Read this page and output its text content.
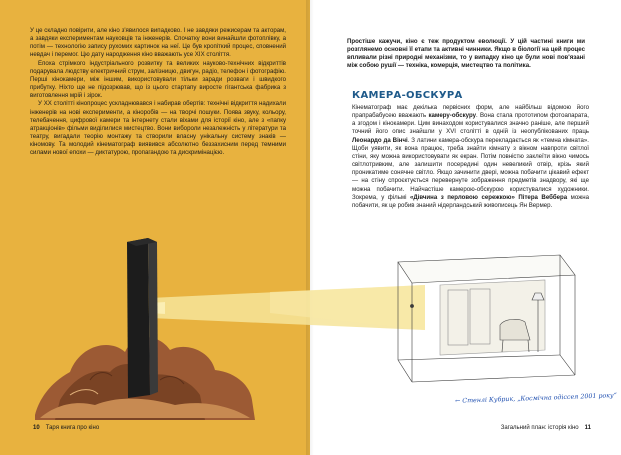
У це складно повірити, але кіно з'явилося випадково. І не завдяки режисерам та акторам, а завдяки експериментам науковців та інженерів. Спочатку вони винайшли фотоплівку, а потім — технологію запису рухомих картинок на неї. Це був кропіткий процес, сповнений невдач і перемог. Цю дату народження кіно вважають усе XIX століття.

Епоха стрімкого індустріального розвитку та великих науково-технічних відкриттів подарувала людству електричний струм, залізницю, двигун, радіо, телефон і фотографію. Перші кінокамери, між іншим, використовували тільки заради розваги і швидкого прибутку. Ніхто ще не підозрював, що із цього стартапу виросте гігантська фабрика з виготовлення мрій і зірок.

У XX столітті кінопроцес ускладнювався і набирав обертів: технічні відкриття надихали інженерів на нові експерименти, а кіноробів — на творчі пошуки. Поява звуку, кольору, телебачення, цифрової камери та інтернету стали віхами для історії кіно, але з «папку атракціонів» фільми виділилися мистецтво. Вони вибороли незалежність у літератури та театру, вигадали теорію монтажу та створили власну унікальну систему знаків — кіномову. Та молодий кінематограф виявився абсолютно беззахисним перед темними силами нової епохи — диктатурою, пропагандою та дискримінацією.

Простіше кажучи, кіно є теж продуктом еволюції. У цій частині книги ми розглянемо основні її етапи та активні чинники. Якщо в біології на цей процес впливали різні природні механізми, то у випадку кіно це були нові пов'язані між собою рушії — техніка, комерція, мистецтво та політика.

КАМЕРА-ОБСКУРА

Кінематограф має декілька первісних форм, але найбільш відомою його прапрабабусею вважають камеру-обскуру. Вона стала прототипом фотоапарата, а згодом і кінокамери. Цим винаходом користувалися значно раніше, але перший точний його опис знайшли у XVI столітті в одній із неопублікованих праць Леонардо да Вінчі. З латини камера-обскура перекладається як «темна кімната». Щоби уявити, як вона працює, треба знайти кімнату з вікном навпроти світлої стіни, яку можна використовувати як екран. Потім повністю заклеїти вікно чимось світлотривким, але залишити посередині один невеликий отвір, крізь який проникатиме сонячне світло. Якщо зачинити двері, можна побачити цікавий ефект — на стіну спроєктується перевернуте зображення предметів знадвору, які ще можна побачити. Найчастіше камерою-обскурою користувалися художники. Зокрема, у фільмі «Дівчина з перловою сережкою» Пітера Веббера можна побачити, як це робив знаний нідерландський живописець Ян Вермер.

← Стенлі Кубрик, „Космічна одіссея 2001 року“
10 Таря книга про кіно	Загальний план: історія кіно 11
